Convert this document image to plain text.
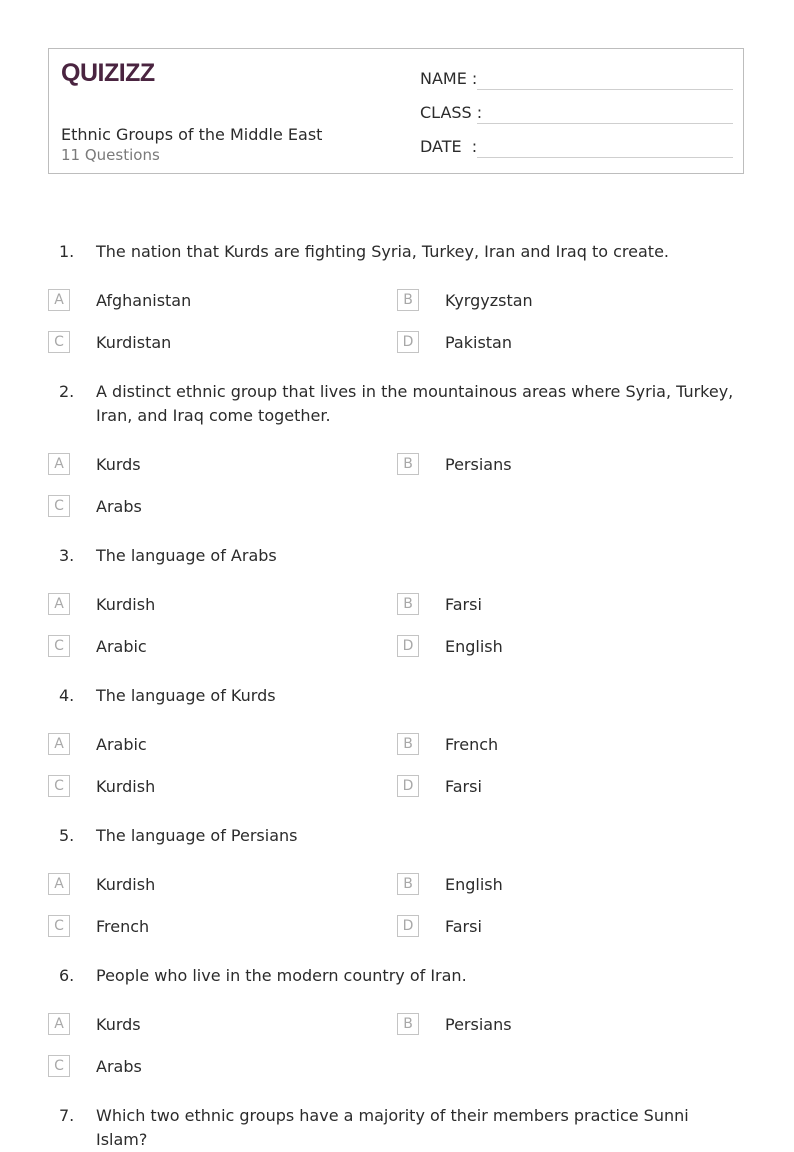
QUIZIZZ
Ethnic Groups of the Middle East
11 Questions
NAME :
CLASS :
DATE  :
1. The nation that Kurds are fighting Syria, Turkey, Iran and Iraq to create.
A	Afghanistan	B	Kyrgyzstan
C	Kurdistan	D	Pakistan
2. A distinct ethnic group that lives in the mountainous areas where Syria, Turkey, Iran, and Iraq come together.
A	Kurds	B	Persians
C	Arabs
3. The language of Arabs
A	Kurdish	B	Farsi
C	Arabic	D	English
4. The language of Kurds
A	Arabic	B	French
C	Kurdish	D	Farsi
5. The language of Persians
A	Kurdish	B	English
C	French	D	Farsi
6. People who live in the modern country of Iran.
A	Kurds	B	Persians
C	Arabs
7. Which two ethnic groups have a majority of their members practice Sunni Islam?
